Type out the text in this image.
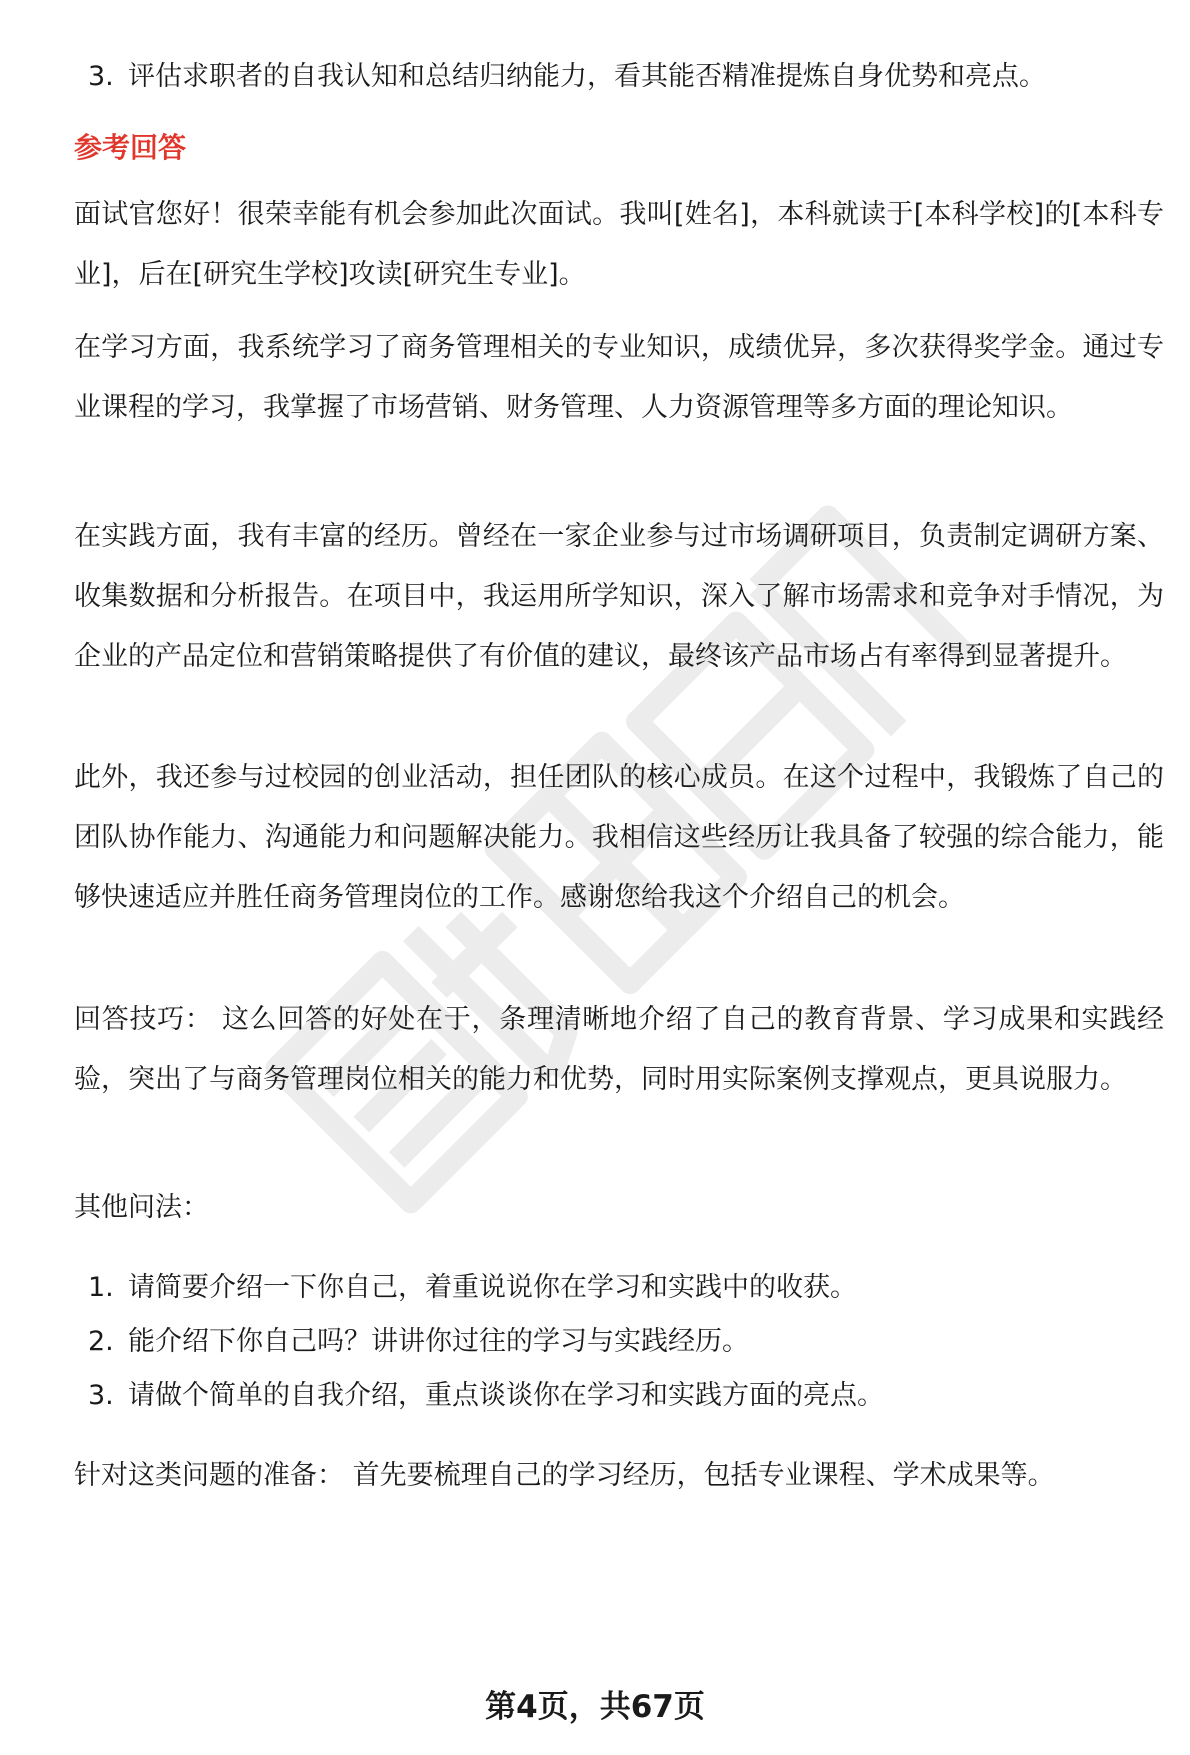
3. 评估求职者的自我认知和总结归纳能力，看其能否精准提炼自身优势和亮点。
参考回答
面试官您好！很荣幸能有机会参加此次面试。我叫[姓名]，本科就读于[本科学校]的[本科专业]，后在[研究生学校]攻读[研究生专业]。
在学习方面，我系统学习了商务管理相关的专业知识，成绩优异，多次获得奖学金。通过专业课程的学习，我掌握了市场营销、财务管理、人力资源管理等多方面的理论知识。
在实践方面，我有丰富的经历。曾经在一家企业参与过市场调研项目，负责制定调研方案、收集数据和分析报告。在项目中，我运用所学知识，深入了解市场需求和竞争对手情况，为企业的产品定位和营销策略提供了有价值的建议，最终该产品市场占有率得到显著提升。
此外，我还参与过校园的创业活动，担任团队的核心成员。在这个过程中，我锻炼了自己的团队协作能力、沟通能力和问题解决能力。我相信这些经历让我具备了较强的综合能力，能够快速适应并胜任商务管理岗位的工作。感谢您给我这个介绍自己的机会。
回答技巧： 这么回答的好处在于，条理清晰地介绍了自己的教育背景、学习成果和实践经验，突出了与商务管理岗位相关的能力和优势，同时用实际案例支撑观点，更具说服力。
其他问法：
1. 请简要介绍一下你自己，着重说说你在学习和实践中的收获。
2. 能介绍下你自己吗？讲讲你过往的学习与实践经历。
3. 请做个简单的自我介绍，重点谈谈你在学习和实践方面的亮点。
针对这类问题的准备： 首先要梳理自己的学习经历，包括专业课程、学术成果等。
第4页，共67页
